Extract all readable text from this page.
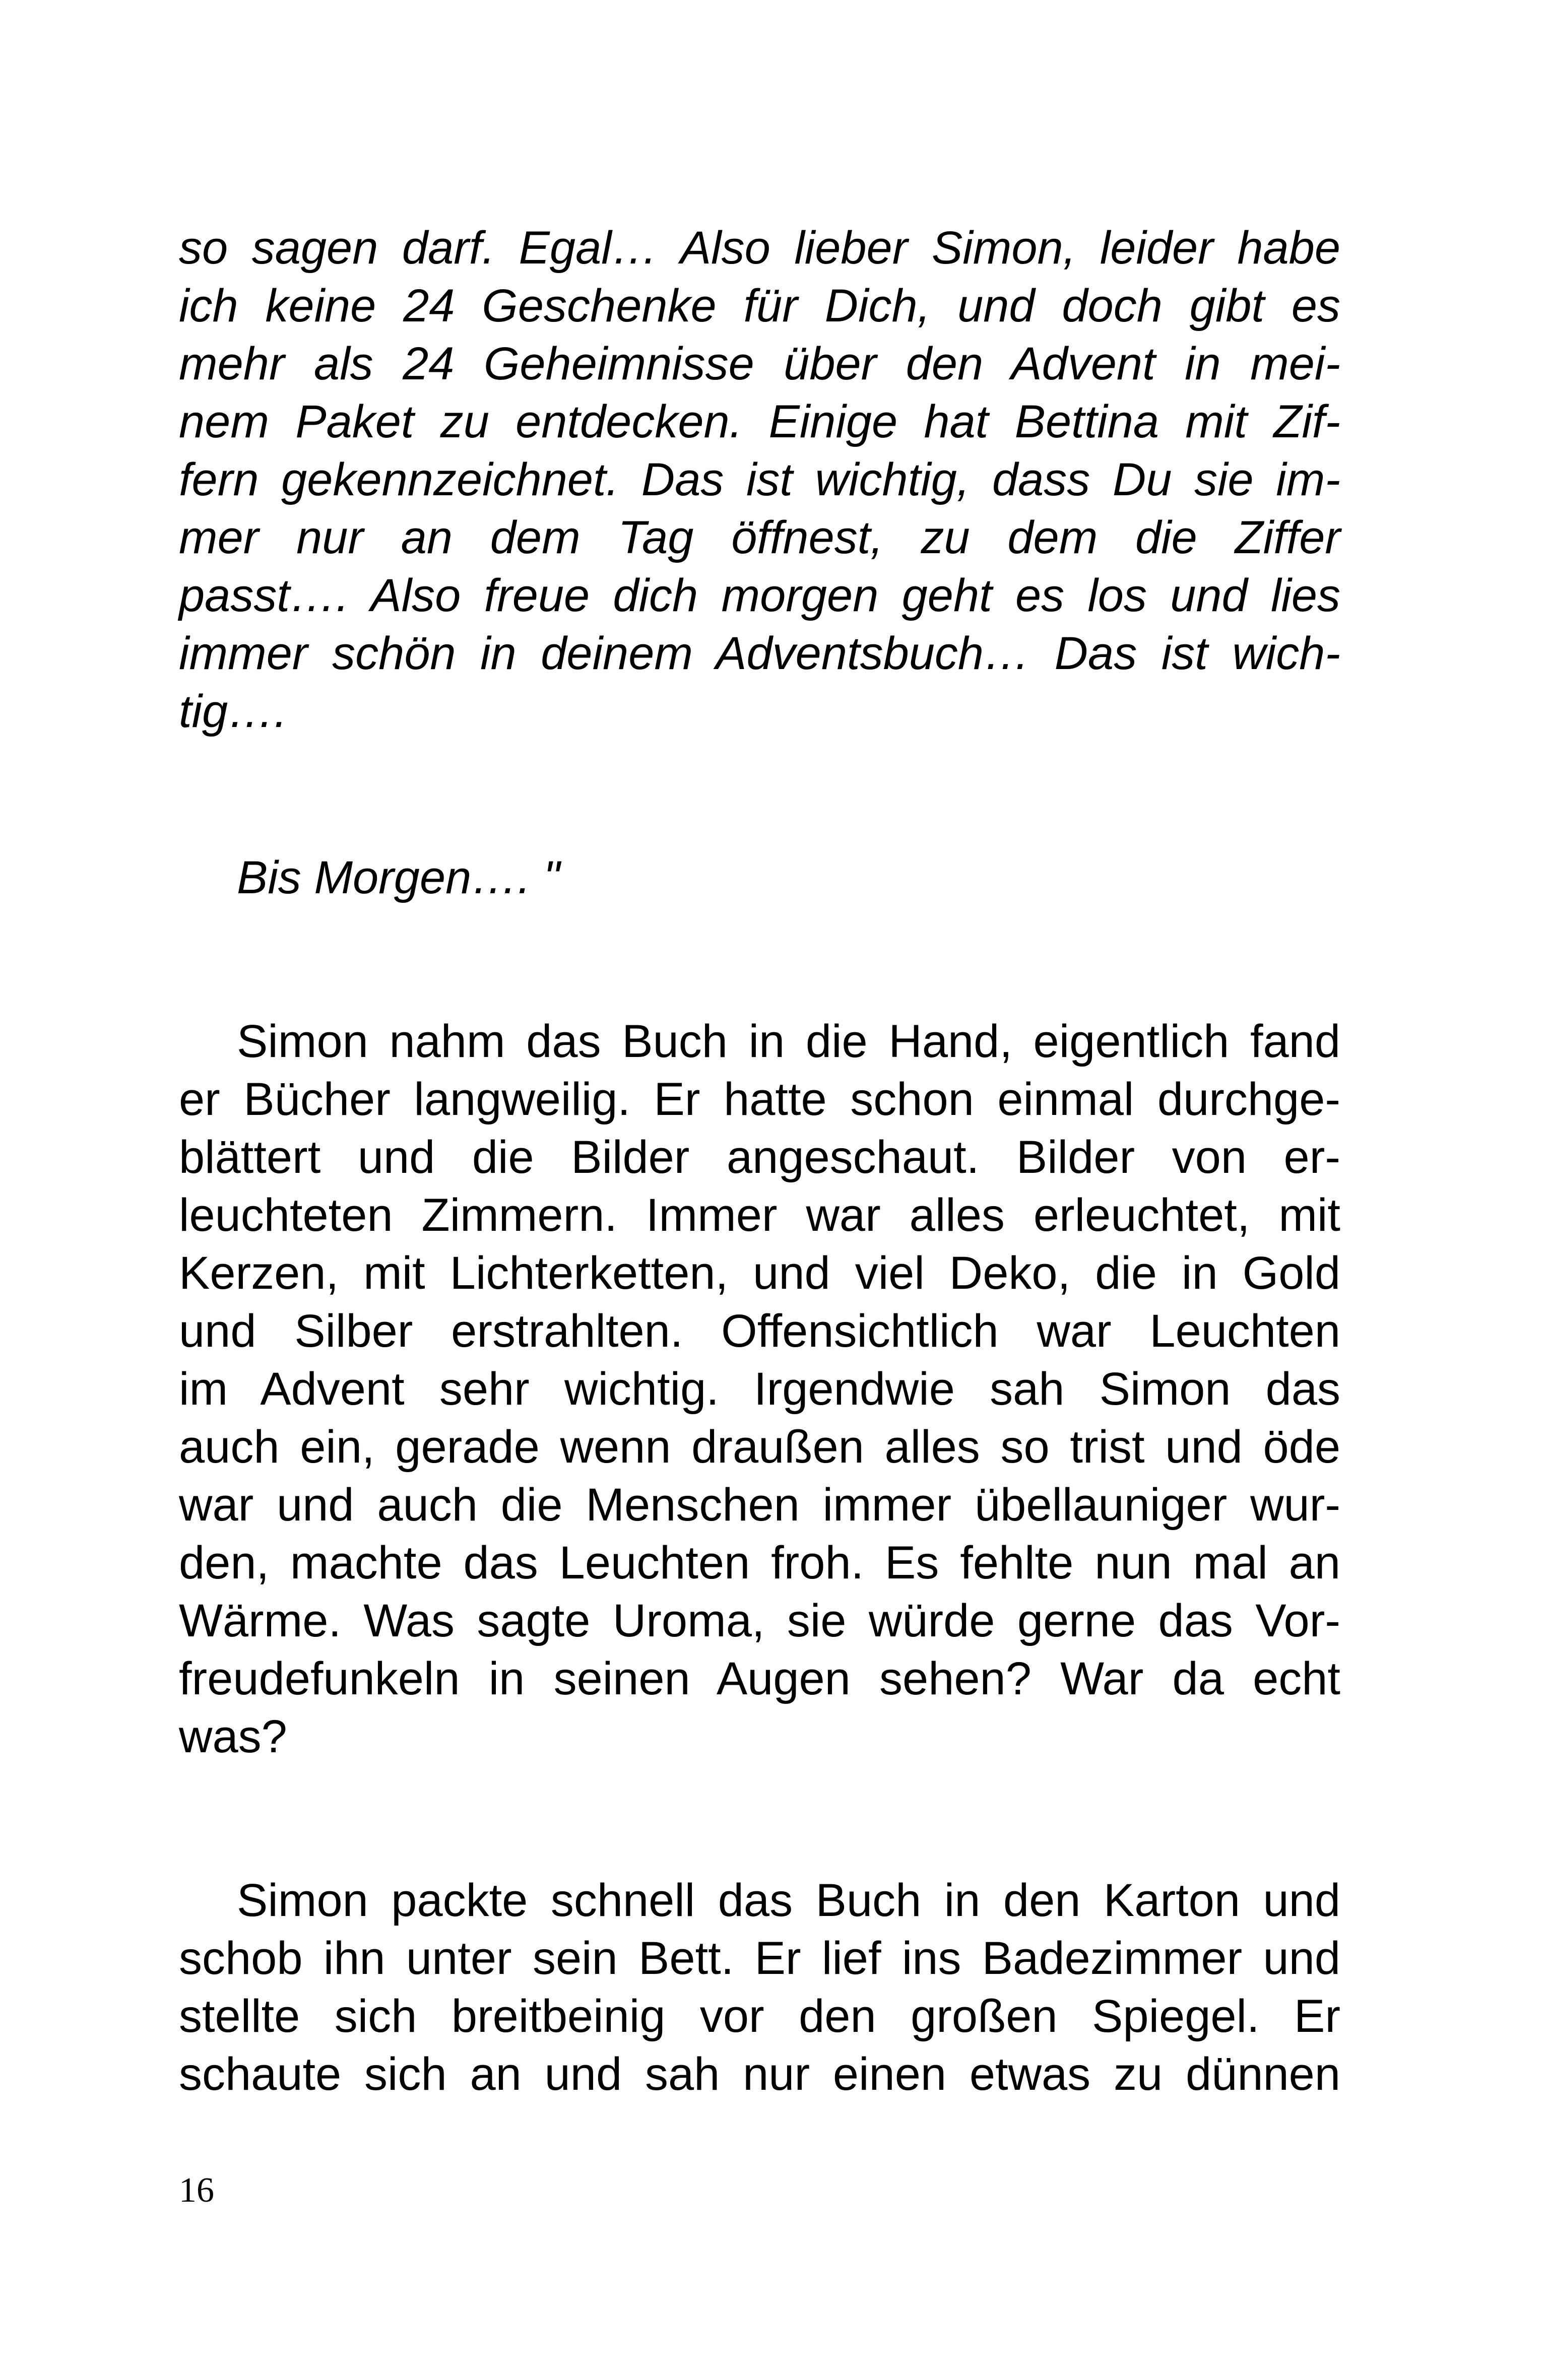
so sagen darf. Egal… Also lieber Simon, leider habe
ich keine 24 Geschenke für Dich, und doch gibt es
mehr als 24 Geheimnisse über den Advent in mei-
nem Paket zu entdecken. Einige hat Bettina mit Zif-
fern gekennzeichnet. Das ist wichtig, dass Du sie im-
mer nur an dem Tag öffnest, zu dem die Ziffer
passt…. Also freue dich morgen geht es los und lies
immer schön in deinem Adventsbuch… Das ist wich-
tig….
Bis Morgen…. "
Simon nahm das Buch in die Hand, eigentlich fand
er Bücher langweilig. Er hatte schon einmal durchge-
blättert und die Bilder angeschaut. Bilder von er-
leuchteten Zimmern. Immer war alles erleuchtet, mit
Kerzen, mit Lichterketten, und viel Deko, die in Gold
und Silber erstrahlten. Offensichtlich war Leuchten
im Advent sehr wichtig. Irgendwie sah Simon das
auch ein, gerade wenn draußen alles so trist und öde
war und auch die Menschen immer übellauniger wur-
den, machte das Leuchten froh. Es fehlte nun mal an
Wärme. Was sagte Uroma, sie würde gerne das Vor-
freudefunkeln in seinen Augen sehen? War da echt
was?
Simon packte schnell das Buch in den Karton und
schob ihn unter sein Bett. Er lief ins Badezimmer und
stellte sich breitbeinig vor den großen Spiegel. Er
schaute sich an und sah nur einen etwas zu dünnen
16
